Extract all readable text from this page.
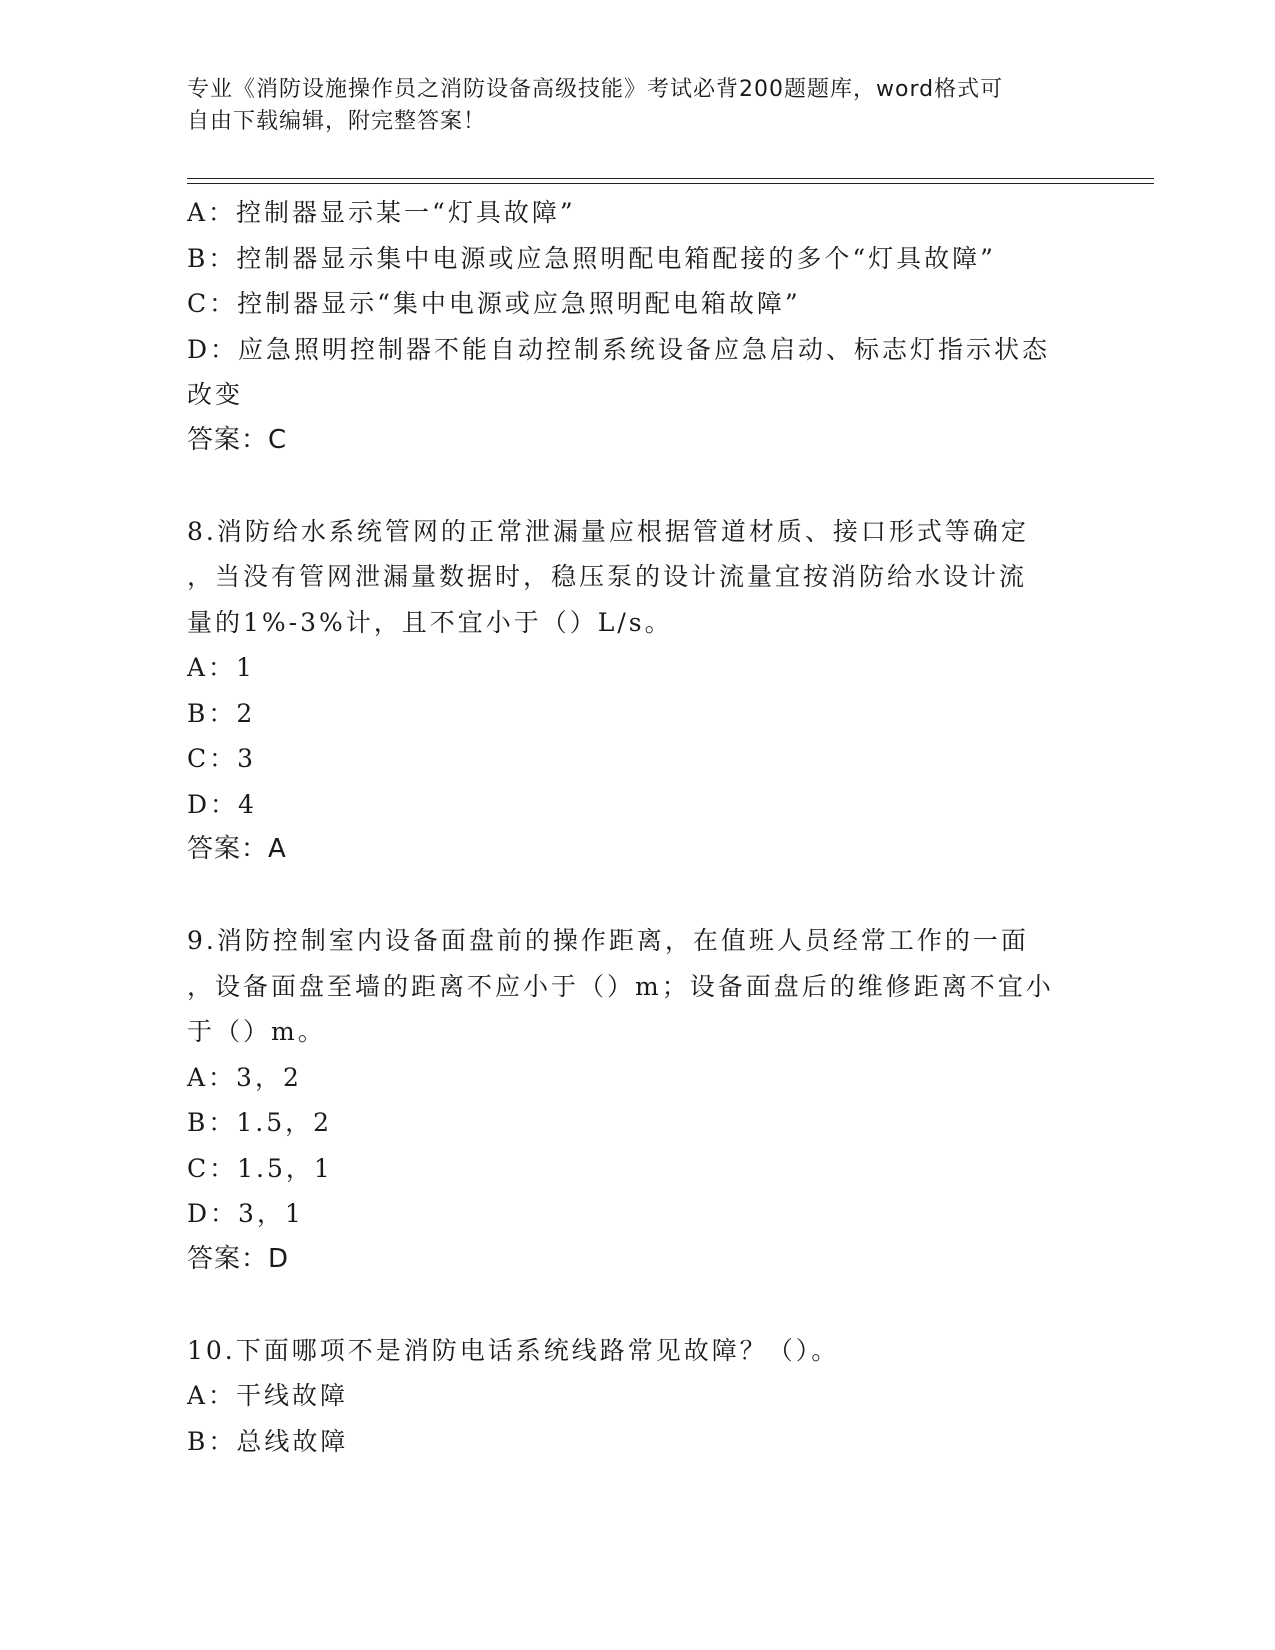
专业《消防设施操作员之消防设备高级技能》考试必背200题题库，word格式可
自由下载编辑，附完整答案！
A：控制器显示某一“灯具故障”
B：控制器显示集中电源或应急照明配电箱配接的多个“灯具故障”
C：控制器显示“集中电源或应急照明配电箱故障”
D：应急照明控制器不能自动控制系统设备应急启动、标志灯指示状态
改变
答案：C
8.消防给水系统管网的正常泄漏量应根据管道材质、接口形式等确定
，当没有管网泄漏量数据时，稳压泵的设计流量宜按消防给水设计流
量的1%-3%计，且不宜小于（）L/s。
A：1
B：2
C：3
D：4
答案：A
9.消防控制室内设备面盘前的操作距离，在值班人员经常工作的一面
，设备面盘至墙的距离不应小于（）m；设备面盘后的维修距离不宜小
于（）m。
A：3，2
B：1.5，2
C：1.5，1
D：3，1
答案：D
10.下面哪项不是消防电话系统线路常见故障？（）。
A：干线故障
B：总线故障
